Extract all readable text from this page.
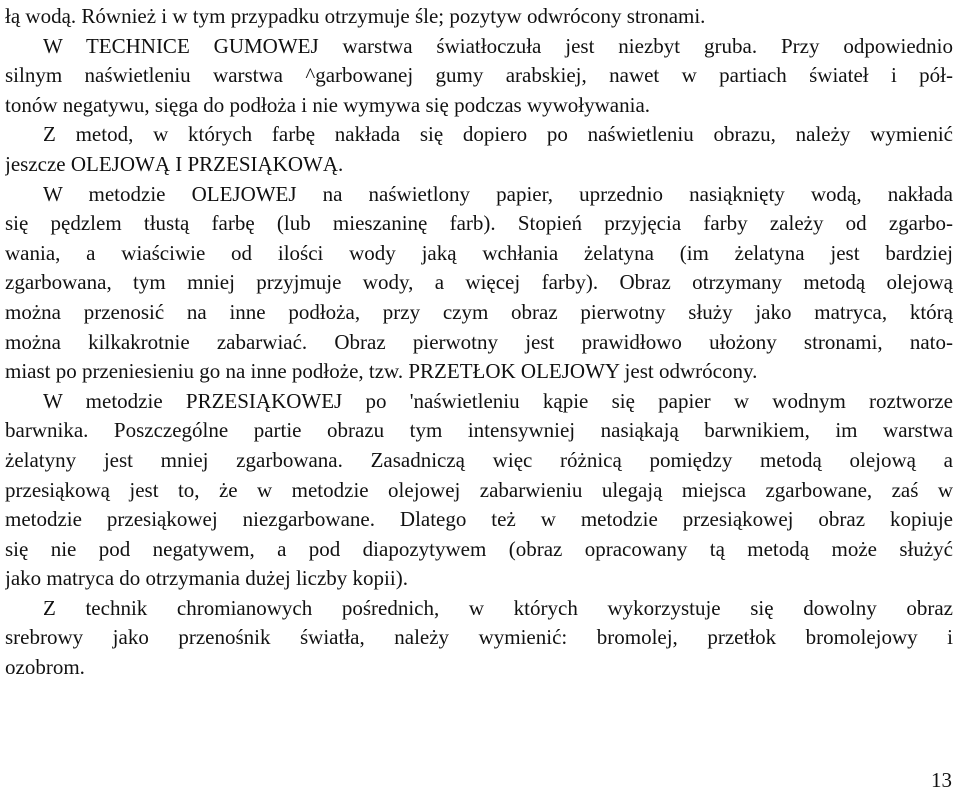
łą wodą. Również i w tym przypadku otrzymuje śle; pozytyw odwrócony stronami.
W TECHNICE GUMOWEJ warstwa światłoczuła jest niezbyt gruba. Przy odpowiednio
silnym naświetleniu warstwa ^garbowanej gumy arabskiej, nawet w partiach świateł i pół-
tonów negatywu, sięga do podłoża i nie wymywa się podczas wywoływania.
Z metod, w których farbę nakłada się dopiero po naświetleniu obrazu, należy wymienić
jeszcze OLEJOWĄ I PRZESIĄKOWĄ.
W metodzie OLEJOWEJ na naświetlony papier, uprzednio nasiąknięty wodą, nakłada
się pędzlem tłustą farbę (lub mieszaninę farb). Stopień przyjęcia farby zależy od zgarbo-
wania, a wiaściwie od ilości wody jaką wchłania żelatyna (im żelatyna jest bardziej
zgarbowana, tym mniej przyjmuje wody, a więcej farby). Obraz otrzymany metodą olejową
można przenosić na inne podłoża, przy czym obraz pierwotny służy jako matryca, którą
można kilkakrotnie zabarwiać. Obraz pierwotny jest prawidłowo ułożony stronami, nato-
miast po przeniesieniu go na inne podłoże, tzw. PRZETŁOK OLEJOWY jest odwrócony.
W metodzie PRZESIĄKOWEJ po 'naświetleniu kąpie się papier w wodnym roztworze
barwnika. Poszczególne partie obrazu tym intensywniej nasiąkają barwnikiem, im warstwa
żelatyny jest mniej zgarbowana. Zasadniczą więc różnicą pomiędzy metodą olejową a
przesiąkową jest to, że w metodzie olejowej zabarwieniu ulegają miejsca zgarbowane, zaś w
metodzie przesiąkowej niezgarbowane. Dlatego też w metodzie przesiąkowej obraz kopiuje
się nie pod negatywem, a pod diapozytywem (obraz opracowany tą metodą może służyć
jako matryca do otrzymania dużej liczby kopii).
Z technik chromianowych pośrednich, w których wykorzystuje się dowolny obraz
srebrowy jako przenośnik światła, należy wymienić: bromolej, przetłok bromolejowy i
ozobrom.
13
